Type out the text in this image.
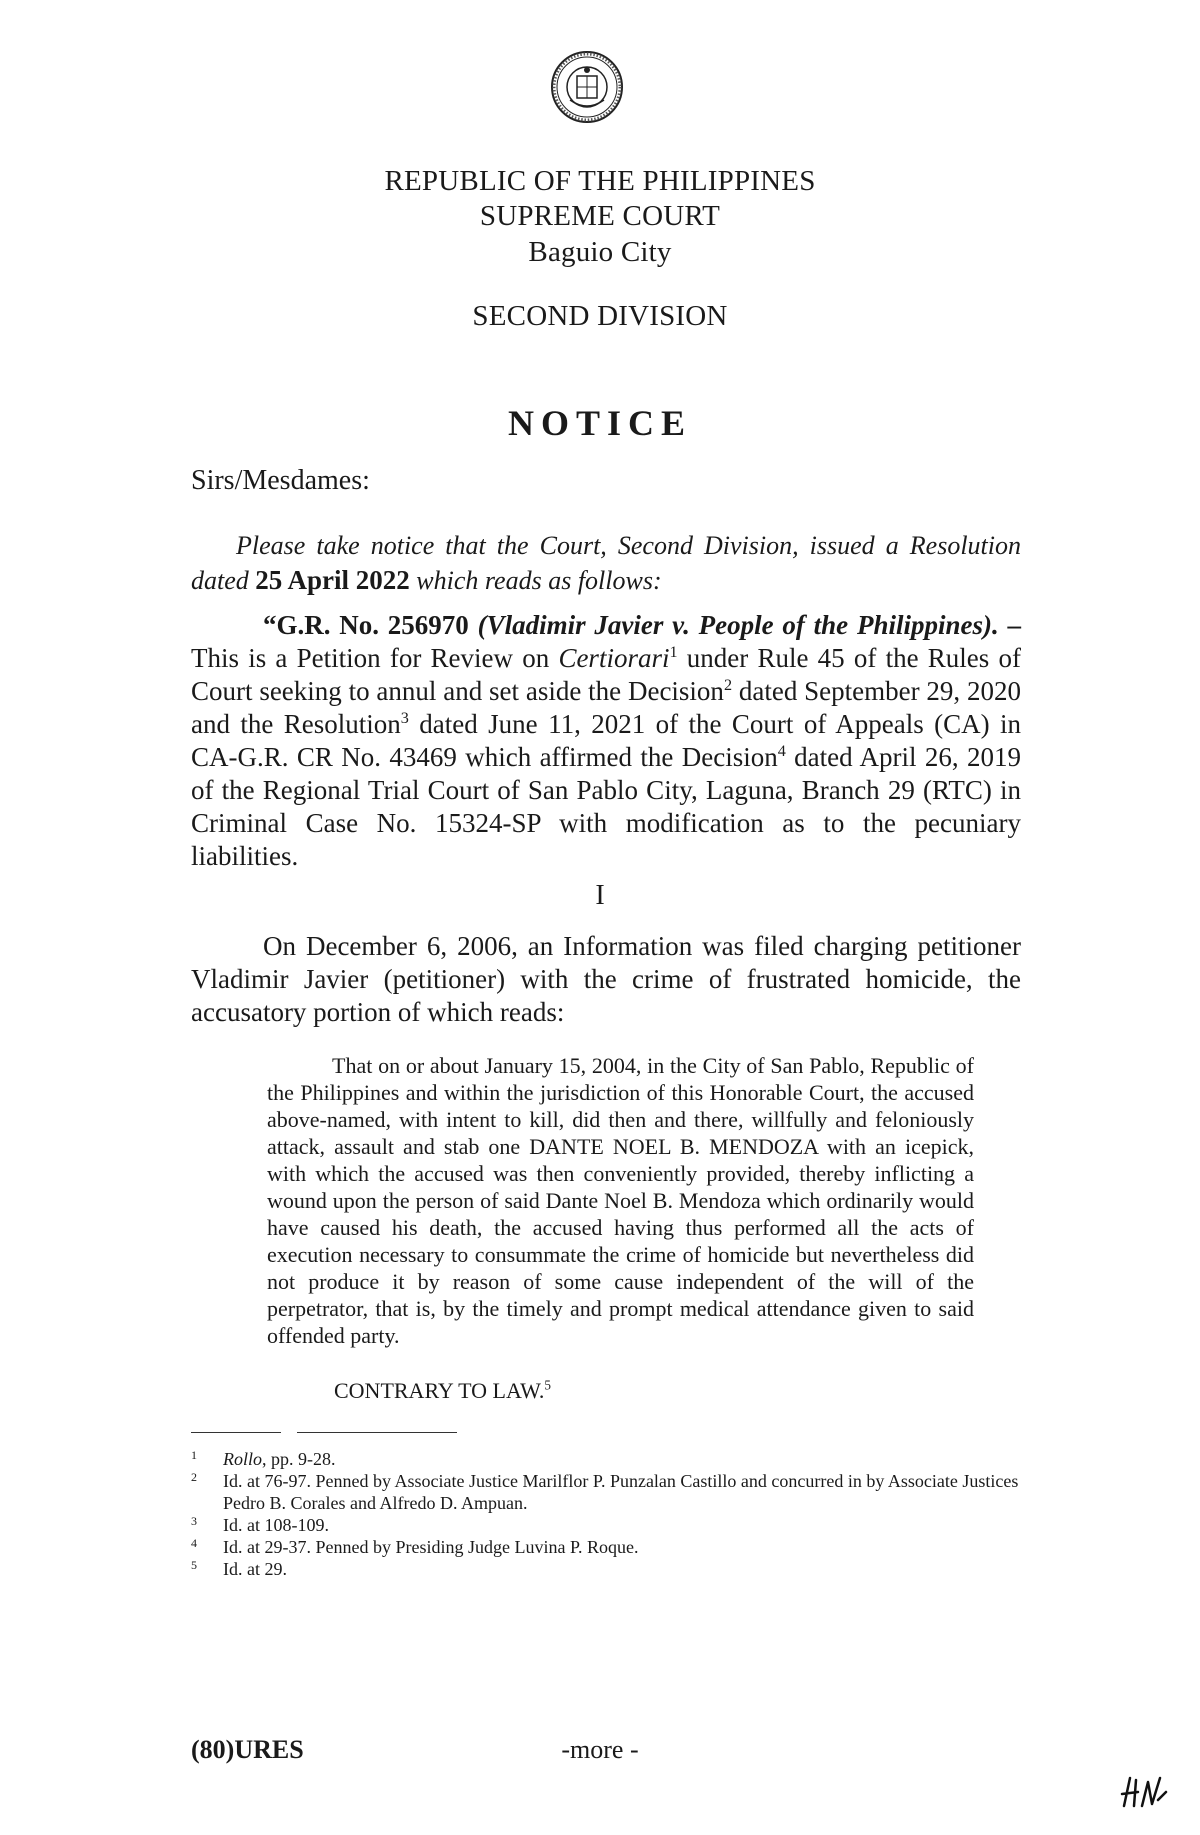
REPUBLIC OF THE PHILIPPINES
SUPREME COURT
Baguio City
SECOND DIVISION
NOTICE
Sirs/Mesdames:
Please take notice that the Court, Second Division, issued a Resolution dated 25 April 2022 which reads as follows:
“G.R. No. 256970 (Vladimir Javier v. People of the Philippines). – This is a Petition for Review on Certiorari$^1$ under Rule 45 of the Rules of Court seeking to annul and set aside the Decision$^2$ dated September 29, 2020 and the Resolution$^3$ dated June 11, 2021 of the Court of Appeals (CA) in CA-G.R. CR No. 43469 which affirmed the Decision$^4$ dated April 26, 2019 of the Regional Trial Court of San Pablo City, Laguna, Branch 29 (RTC) in Criminal Case No. 15324-SP with modification as to the pecuniary liabilities.
I
On December 6, 2006, an Information was filed charging petitioner Vladimir Javier (petitioner) with the crime of frustrated homicide, the accusatory portion of which reads:
That on or about January 15, 2004, in the City of San Pablo, Republic of the Philippines and within the jurisdiction of this Honorable Court, the accused above-named, with intent to kill, did then and there, willfully and feloniously attack, assault and stab one DANTE NOEL B. MENDOZA with an icepick, with which the accused was then conveniently provided, thereby inflicting a wound upon the person of said Dante Noel B. Mendoza which ordinarily would have caused his death, the accused having thus performed all the acts of execution necessary to consummate the crime of homicide but nevertheless did not produce it by reason of some cause independent of the will of the perpetrator, that is, by the timely and prompt medical attendance given to said offended party.
CONTRARY TO LAW.$^5$
1 Rollo, pp. 9-28.
2 Id. at 76-97. Penned by Associate Justice Marilflor P. Punzalan Castillo and concurred in by Associate Justices Pedro B. Corales and Alfredo D. Ampuan.
3 Id. at 108-109.
4 Id. at 29-37. Penned by Presiding Judge Luvina P. Roque.
5 Id. at 29.
(80)URES	-more -
